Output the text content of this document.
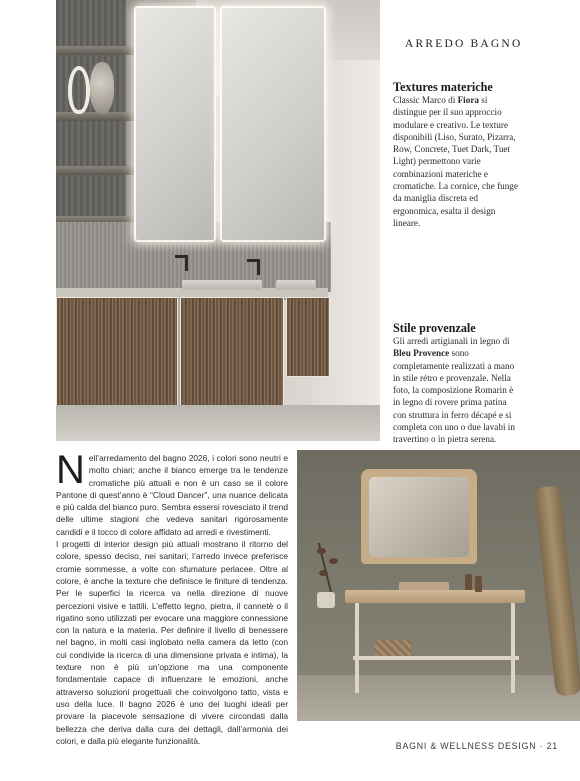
ARREDO BAGNO
Textures materiche
Classic Marco di Fiora si distingue per il suo approccio modulare e creativo. Le texture disponibili (Liso, Surato, Pizarra, Row, Concrete, Tuet Dark, Tuet Light) permettono varie combinazioni materiche e cromatiche. La cornice, che funge da maniglia discreta ed ergonomica, esalta il design lineare.
Stile provenzale
Gli arredi artigianali in legno di Bleu Provence sono completamente realizzati a mano in stile rétro e provenzale. Nella foto, la composizione Romarin è in legno di rovere prima patina con struttura in ferro décapé e si completa con uno o due lavabi in travertino o in pietra serena.

Nell’arredamento del bagno 2026, i colori sono neutri e molto chiari; anche il bianco emerge tra le tendenze cromatiche più attuali e non è un caso se il colore Pantone di quest’anno è “Cloud Dancer”, una nuance delicata e più calda del bianco puro. Sembra essersi rovesciato il trend delle ultime stagioni che vedeva sanitari rigorosamente candidi e il tocco di colore affidato ad arredi e rivestimenti.

I progetti di interior design più attuali mostrano il ritorno del colore, spesso deciso, nei sanitari; l’arredo invece preferisce cromie sommesse, a volte con sfumature perlacee. Oltre al colore, è anche la texture che definisce le finiture di tendenza. Per le superfici la ricerca va nella direzione di nuove percezioni visive e tattili. L’effetto legno, pietra, il cannetè o il rigatino sono utilizzati per evocare una maggiore connessione con la natura e la materia. Per definire il livello di benessere nel bagno, in molti casi inglobato nella camera da letto (con cui condivide la ricerca di una dimensione privata e intima), la texture non è più un’opzione ma una componente fondamentale capace di influenzare le emozioni, anche attraverso soluzioni progettuali che coinvolgono tatto, vista e uso della luce. Il bagno 2026 è uno dei luoghi ideali per provare la piacevole sensazione di vivere circondati dalla bellezza che deriva dalla cura dei dettagli, dall’armonia dei colori, e dalla più elegante funzionalità.

BAGNI & WELLNESS DESIGN · 21
